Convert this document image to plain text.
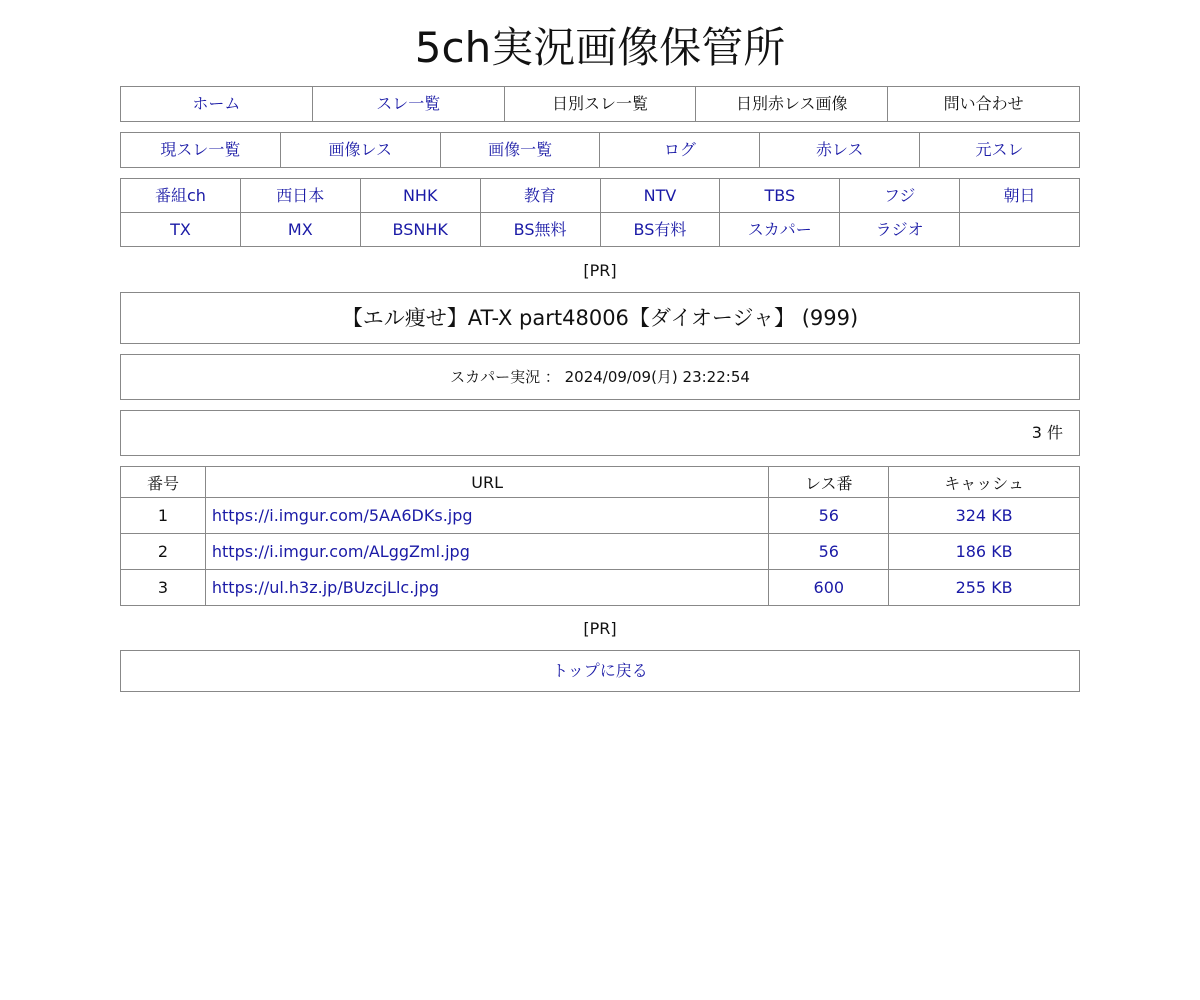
5ch実況画像保管所
ホーム	スレ一覧	日別スレ一覧	日別赤レス画像	問い合わせ
現スレ一覧	画像レス	画像一覧	ログ	赤レス	元スレ
番組ch	西日本	NHK	教育	NTV	TBS	フジ	朝日
TX	MX	BSNHK	BS無料	BS有料	スカパー	ラジオ
[PR]
【エル痩せ】AT-X part48006【ダイオージャ】 (999)
スカパー実況 ： 2024/09/09(月) 23:22:54
3 件
番号	URL	レス番	キャッシュ
1	https://i.imgur.com/5AA6DKs.jpg	56	324 KB
2	https://i.imgur.com/ALggZml.jpg	56	186 KB
3	https://ul.h3z.jp/BUzcjLlc.jpg	600	255 KB
[PR]
トップに戻る
